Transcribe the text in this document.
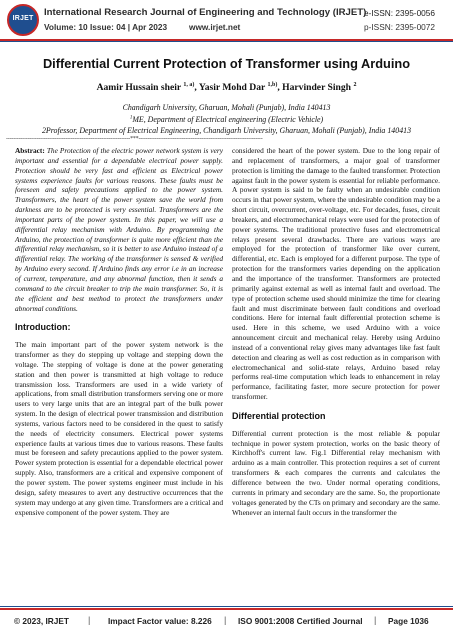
IRJET
International Research Journal of Engineering and Technology (IRJET)
e-ISSN: 2395-0056
Volume: 10 Issue: 04 | Apr 2023	www.irjet.net	p-ISSN: 2395-0072
Differential Current Protection of Transformer using Arduino
Aamir Hussain sheir $^{1, a)}$, Yasir Mohd Dar $^{1,b)}$, Harvinder Singh $^2$
Chandigarh University, Gharuan, Mohali (Punjab), India 140413
$^1$ME, Department of Electrical engineering (Electric Vehicle)
2Professor, Department of Electrical Engineering, Chandigarh University, Gharuan, Mohali (Punjab), India 140413
---------------------------------------------------------------------***---------------------------------------------------------------------

Abstract: The Protection of the electric power network system is very important and essential for a dependable electrical power supply. Protection should be very fast and efficient as Electrical power systems experience faults for various reasons. These faults must be foreseen and safety precautions applied to the power system. Transformers, the heart of the power system save the world from darkness are to be protected is very essential. Transformers are the important parts of the power system. In this paper, we will use a differential relay mechanism with Arduino. By programming the Arduino, the protection of transformer is quite more efficient than the differential relay mechanism, so it is better to use Arduino instead of a differential relay. The working of the transformer is sensed & verified by Arduino every second. If Arduino finds any error i.e in an increase of current, temperature, and any abnormal function, then it sends a command to the circuit breaker to trip the main transformer. So, it is the efficient and best method to protect the transformers under abnormal conditions.

Introduction:

The main important part of the power system network is the transformer as they do stepping up voltage and stepping down the voltage. The stepping of voltage is done at the power generating station and then power is transmitted at high voltage to reduce transmission loss. Transformers are used in a wide variety of applications, from small distribution transformers serving one or more users to very large units that are an integral part of the bulk power system. In the design of electrical power transmission and distribution systems, various factors need to be considered in the quest to satisfy the needs of electricity consumers. Electrical power systems experience faults at various times due to various reasons. These faults must be foreseen and safety precautions applied to the power system. Power system protection is essential for a dependable electrical power supply. Also, transformers are a critical and expensive component of the power system. The power systems engineer must include in his design, safety measures to avert any destructive occurrences that the system may undergo at any given time. Transformers are a critical and expensive component of the power system. They are

considered the heart of the power system. Due to the long repair of and replacement of transformers, a major goal of transformer protection is limiting the damage to the faulted transformer. Protection against fault in the power system is essential for reliable performance. A power system is said to be faulty when an undesirable condition occurs in that power system, where the undesirable condition may be a short circuit, overcurrent, over-voltage, etc. For decades, fuses, circuit breakers, and electromechanical relays were used for the protection of power systems. The traditional protective fuses and electrometrical relays present several drawbacks. There are various ways are employed for the protection of transformer like over current, differential, etc. Each is employed for a different purpose. The type of protection for the transformers varies depending on the application and the importance of the transformer. Transformers are protected primarily against external as well as internal fault and overload. The type of protection scheme used should minimize the time for clearing fault and must discriminate between fault conditions and overload conditions. Here for internal fault differential protection scheme is used. Here in this scheme, we used Arduino with a voice announcement circuit and mechanical relay. Hereby using Arduino instead of a conventional relay gives many advantages like fast fault detection and clearing as well as cost reduction as in comparison with electromechanical and solid-state relays, Arduino based relay performs real-time computation which leads to enhancement in relay performance, facilitating faster, more secure protection for power transformer.

Differential protection

Differential current protection is the most reliable & popular technique in power system protection, works on the basic theory of Kirchhoff's current law. Fig.1 Differential relay mechanism with arduino as a main controller. This protection requires a set of current transformers & each compares the currents and calculates the difference between the two. Under normal operating conditions, currents in primary and secondary are the same. So, the proportionate voltages generated by the CTs on primary and secondary are the same. Whenever an internal fault occurs in the transformer the

© 2023, IRJET | Impact Factor value: 8.226 | ISO 9001:2008 Certified Journal | Page 1036
